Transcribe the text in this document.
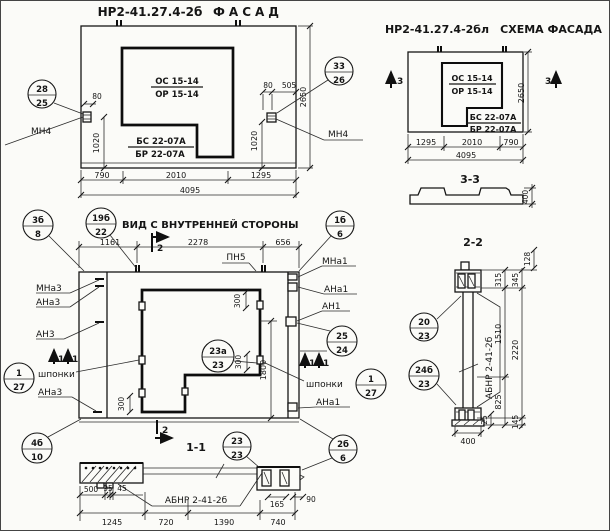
НР2-41.27.4-2б ФАСАД
ОС 15-14
ОР 15-14
БС 22-07А
БР 22-07А
28
25
МН4
80
1020
80 505
1020
33
26
МН4
2650
790	2010	1295
4095
НР2-41.27.4-2бл СХЕМА ФАСАДА
ОС 15-14
ОР 15-14
БС 22-07А
БР 22-07А
3	3
2650
1295	2010	790
4095
3-3
400
ВИД С ВНУТРЕННЕЙ СТОРОНЫ
1161	2278	656
2
2
ПН5
3б
8
19б
22
1б
6
МНа3
АНа3
АН3
1 1
шпонки
1
27 АНа3
4б
10
МНа1
АНа1
АН1
25
24
1 1
шпонки	1
27
АНа1
2б
6
23а
23
300
300
300
1800
1-1
АБНР 2-41-2б
500 95 45
1245	720	1390	740
165
90
23
23
2-2
АБНР 2-41-2б
315
1510
825
345
2220
145
128
25
400
20
23
24б
23
